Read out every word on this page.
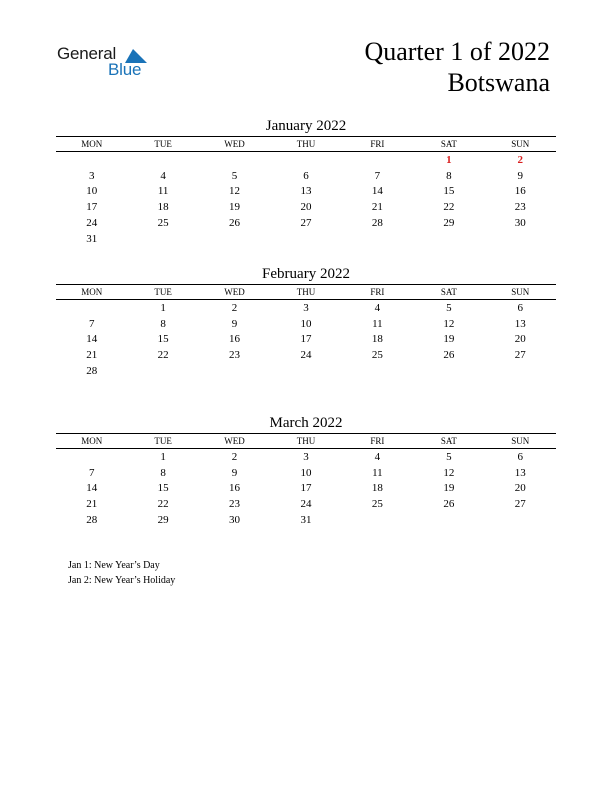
General
Blue
Quarter 1 of 2022
Botswana
January 2022
MON	TUE	WED	THU	FRI	SAT	SUN
					1	2
3	4	5	6	7	8	9
10	11	12	13	14	15	16
17	18	19	20	21	22	23
24	25	26	27	28	29	30
31						
February 2022
MON	TUE	WED	THU	FRI	SAT	SUN
	1	2	3	4	5	6
7	8	9	10	11	12	13
14	15	16	17	18	19	20
21	22	23	24	25	26	27
28						
March 2022
MON	TUE	WED	THU	FRI	SAT	SUN
	1	2	3	4	5	6
7	8	9	10	11	12	13
14	15	16	17	18	19	20
21	22	23	24	25	26	27
28	29	30	31			
Jan 1: New Year’s Day
Jan 2: New Year’s Holiday
